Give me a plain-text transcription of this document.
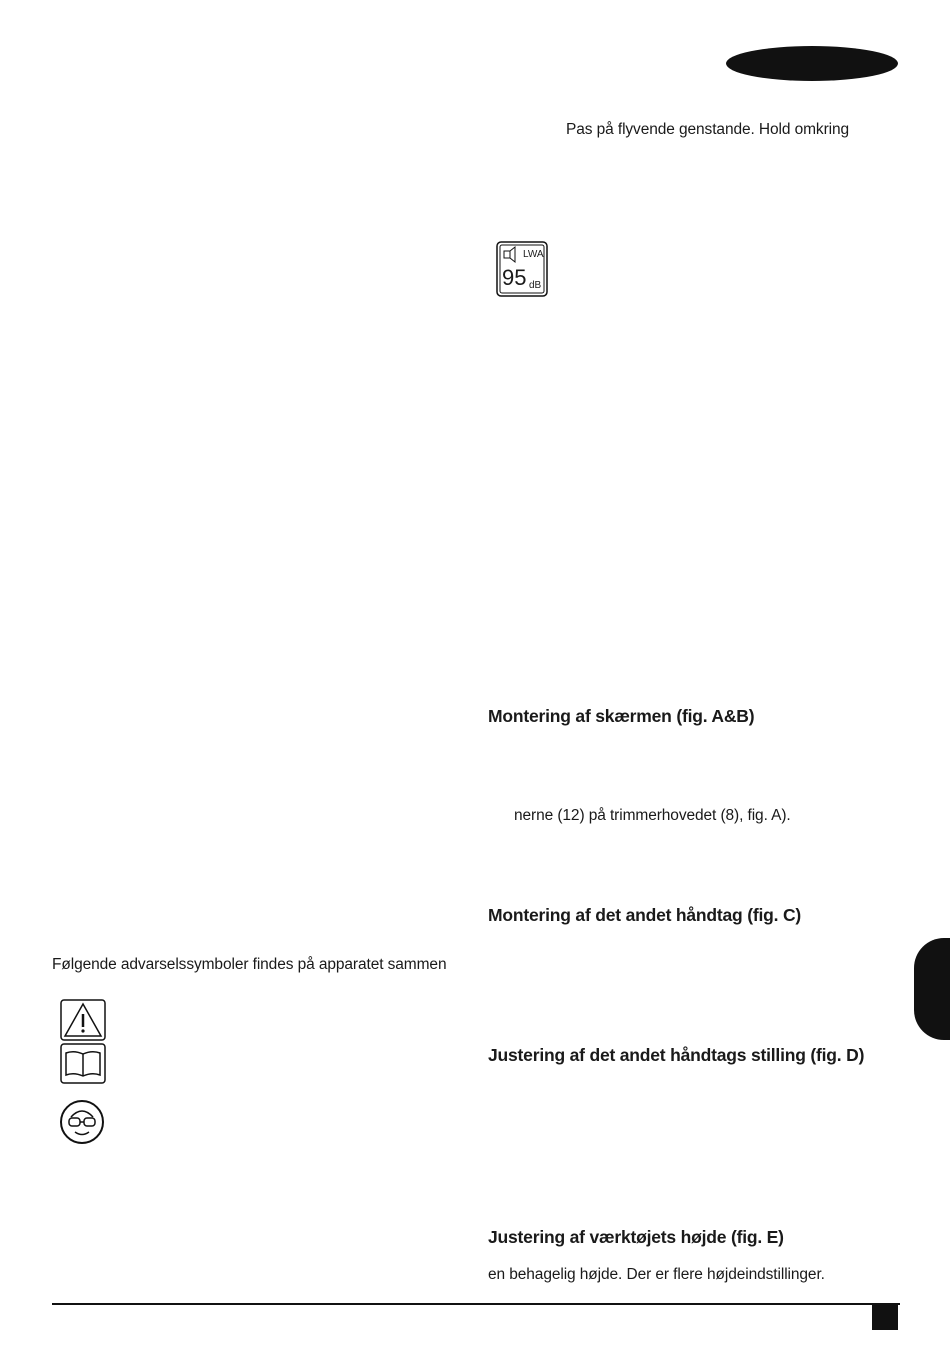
Pas på flyvende genstande. Hold omkring
LWA
95 dB
Montering af skærmen (fig. A&B)
nerne (12) på trimmerhovedet (8), fig. A).
Montering af det andet håndtag (fig. C)
Justering af det andet håndtags stilling (fig. D)
Justering af værktøjets højde (fig. E)
en behagelig højde. Der er flere højdeindstillinger.
Følgende advarselssymboler findes på apparatet sammen
